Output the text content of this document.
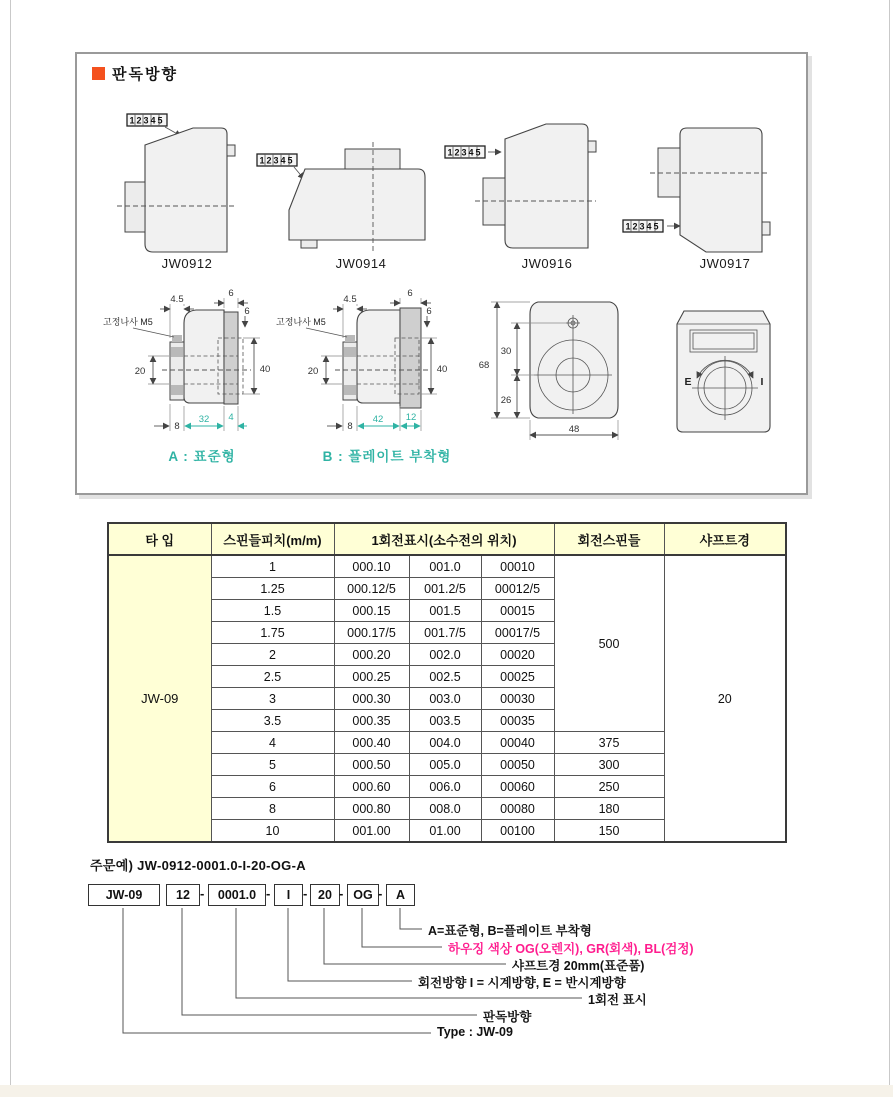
판독방향
12345
JW0912
12345
JW0914
12345
JW0916
12345
JW0917
4.5
6
6
고정나사 M5
20	40
8
32 4
A : 표준형
4.5
6
6
고정나사 M5
20	40
8
42 12
B : 플레이트 부착형
68
30
26
48
E	I
타 입	스핀들피치(m/m)	1회전표시(소수전의 위치)			회전스핀들	샤프트경
JW-09	1	000.10	001.0	00010	500	20
	1.25	000.12/5	001.2/5	00012/5		
	1.5	000.15	001.5	00015		
	1.75	000.17/5	001.7/5	00017/5		
	2	000.20	002.0	00020		
	2.5	000.25	002.5	00025		
	3	000.30	003.0	00030		
	3.5	000.35	003.5	00035		
	4	000.40	004.0	00040	375	
	5	000.50	005.0	00050	300	
	6	000.60	006.0	00060	250	
	8	000.80	008.0	00080	180	
	10	001.00	01.00	00100	150	
주문예) JW-0912-0001.0-I-20-OG-A
JW-09	12	0001.0	I	20	OG	A
-	-	- -	-
A=표준형, B=플레이트 부착형
하우징 색상 OG(오렌지), GR(회색), BL(검정)
샤프트경 20mm(표준품)
회전방향 I = 시계방향, E = 반시계방향
1회전 표시
판독방향
Type : JW-09
